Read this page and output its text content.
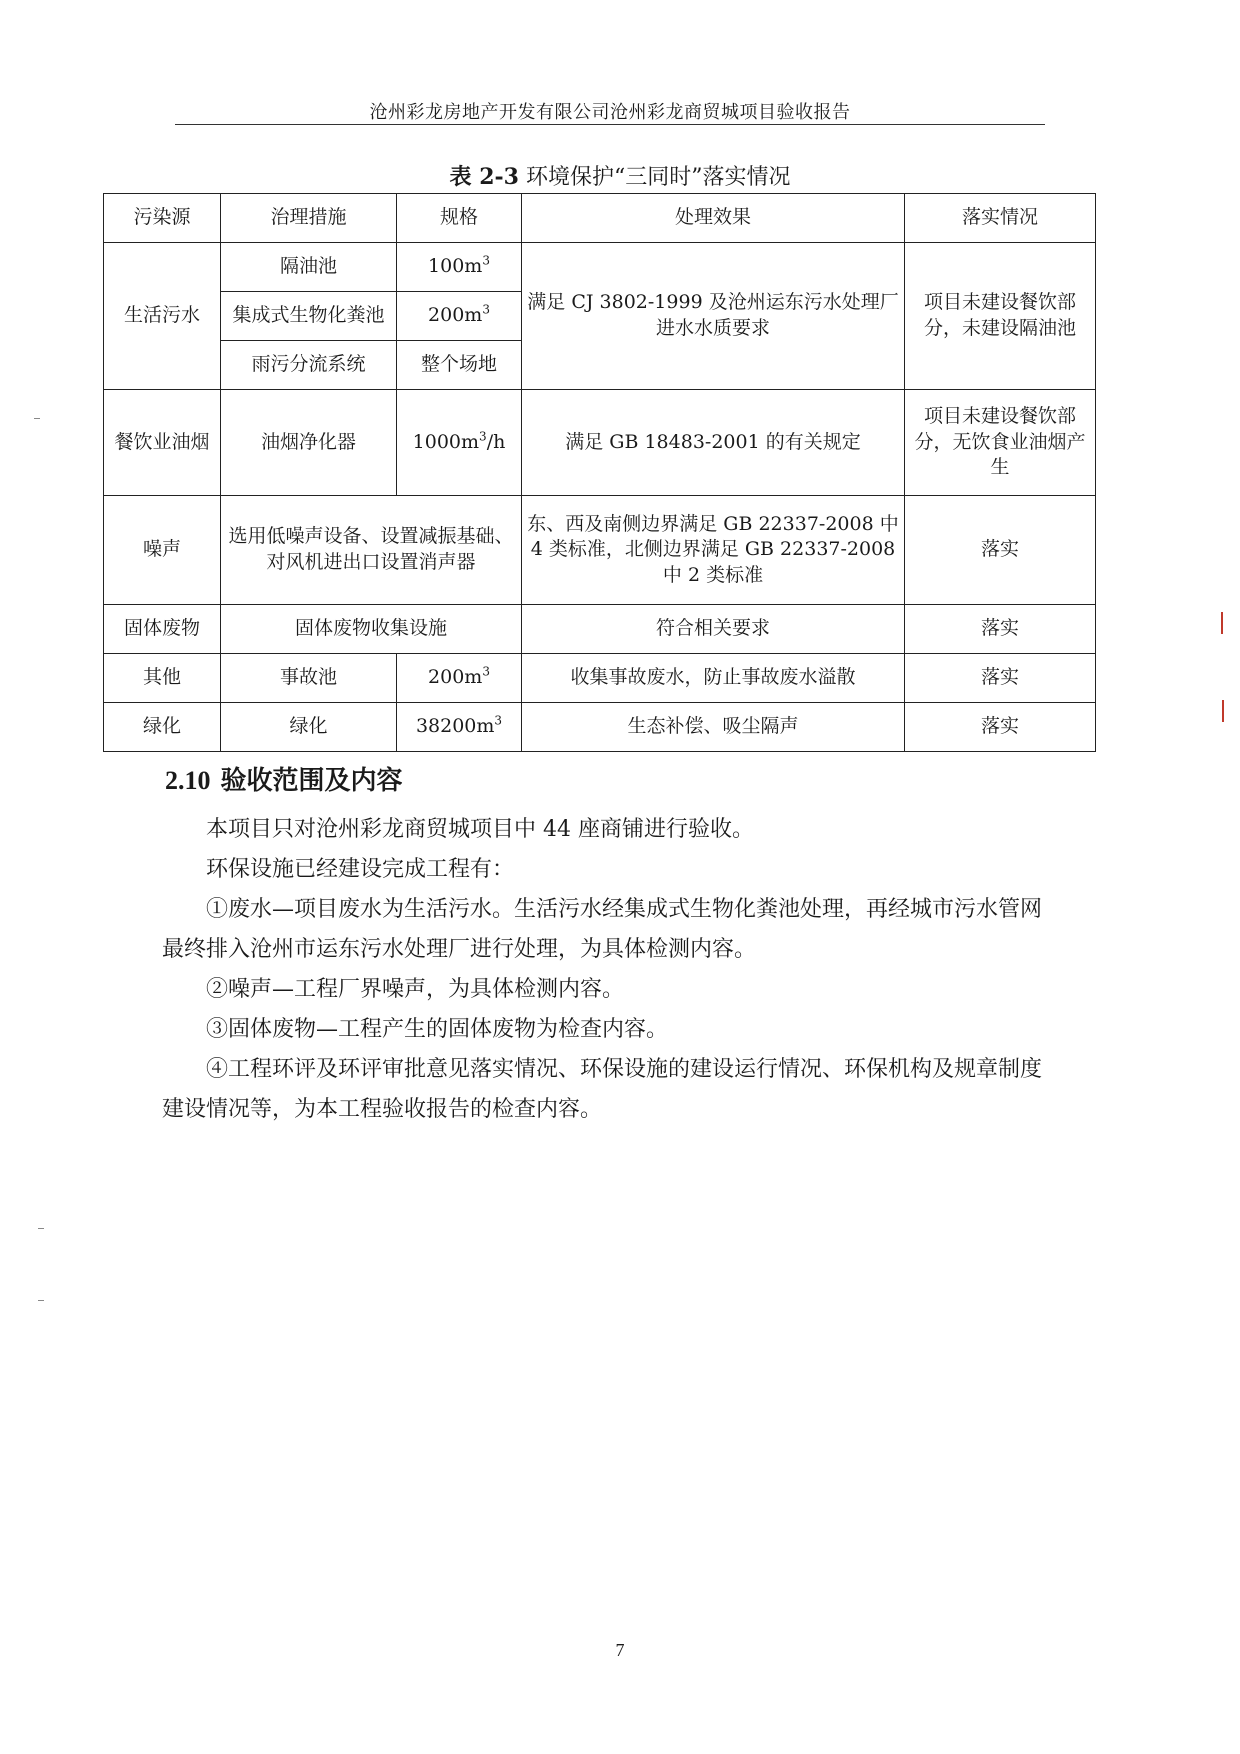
沧州彩龙房地产开发有限公司沧州彩龙商贸城项目验收报告
表 2-3 环境保护“三同时”落实情况
污染源	治理措施	规格	处理效果	落实情况
生活污水	隔油池	$100m^3$	满足 CJ 3802-1999 及沧州运东污水处理厂进水水质要求	项目未建设餐饮部分，未建设隔油池
	集成式生物化粪池	$200m^3$
	雨污分流系统	整个场地		
餐饮业油烟	油烟净化器	$1000m^3/h$	满足 GB 18483-2001 的有关规定	项目未建设餐饮部分，无饮食业油烟产生
噪声	选用低噪声设备、设置减振基础、对风机进出口设置消声器		东、西及南侧边界满足 GB 22337-2008 中 4 类标准，北侧边界满足 GB 22337-2008 中 2 类标准	落实
固体废物	固体废物收集设施		符合相关要求	落实
其他	事故池	$200m^3$	收集事故废水，防止事故废水溢散	落实
绿化	绿化	$38200m^3$	生态补偿、吸尘隔声	落实
2.10 验收范围及内容

本项目只对沧州彩龙商贸城项目中 44 座商铺进行验收。

环保设施已经建设完成工程有：

①废水—项目废水为生活污水。生活污水经集成式生物化粪池处理，再经城市污水管网最终排入沧州市运东污水处理厂进行处理，为具体检测内容。

②噪声—工程厂界噪声，为具体检测内容。

③固体废物—工程产生的固体废物为检查内容。

④工程环评及环评审批意见落实情况、环保设施的建设运行情况、环保机构及规章制度建设情况等，为本工程验收报告的检查内容。

7
